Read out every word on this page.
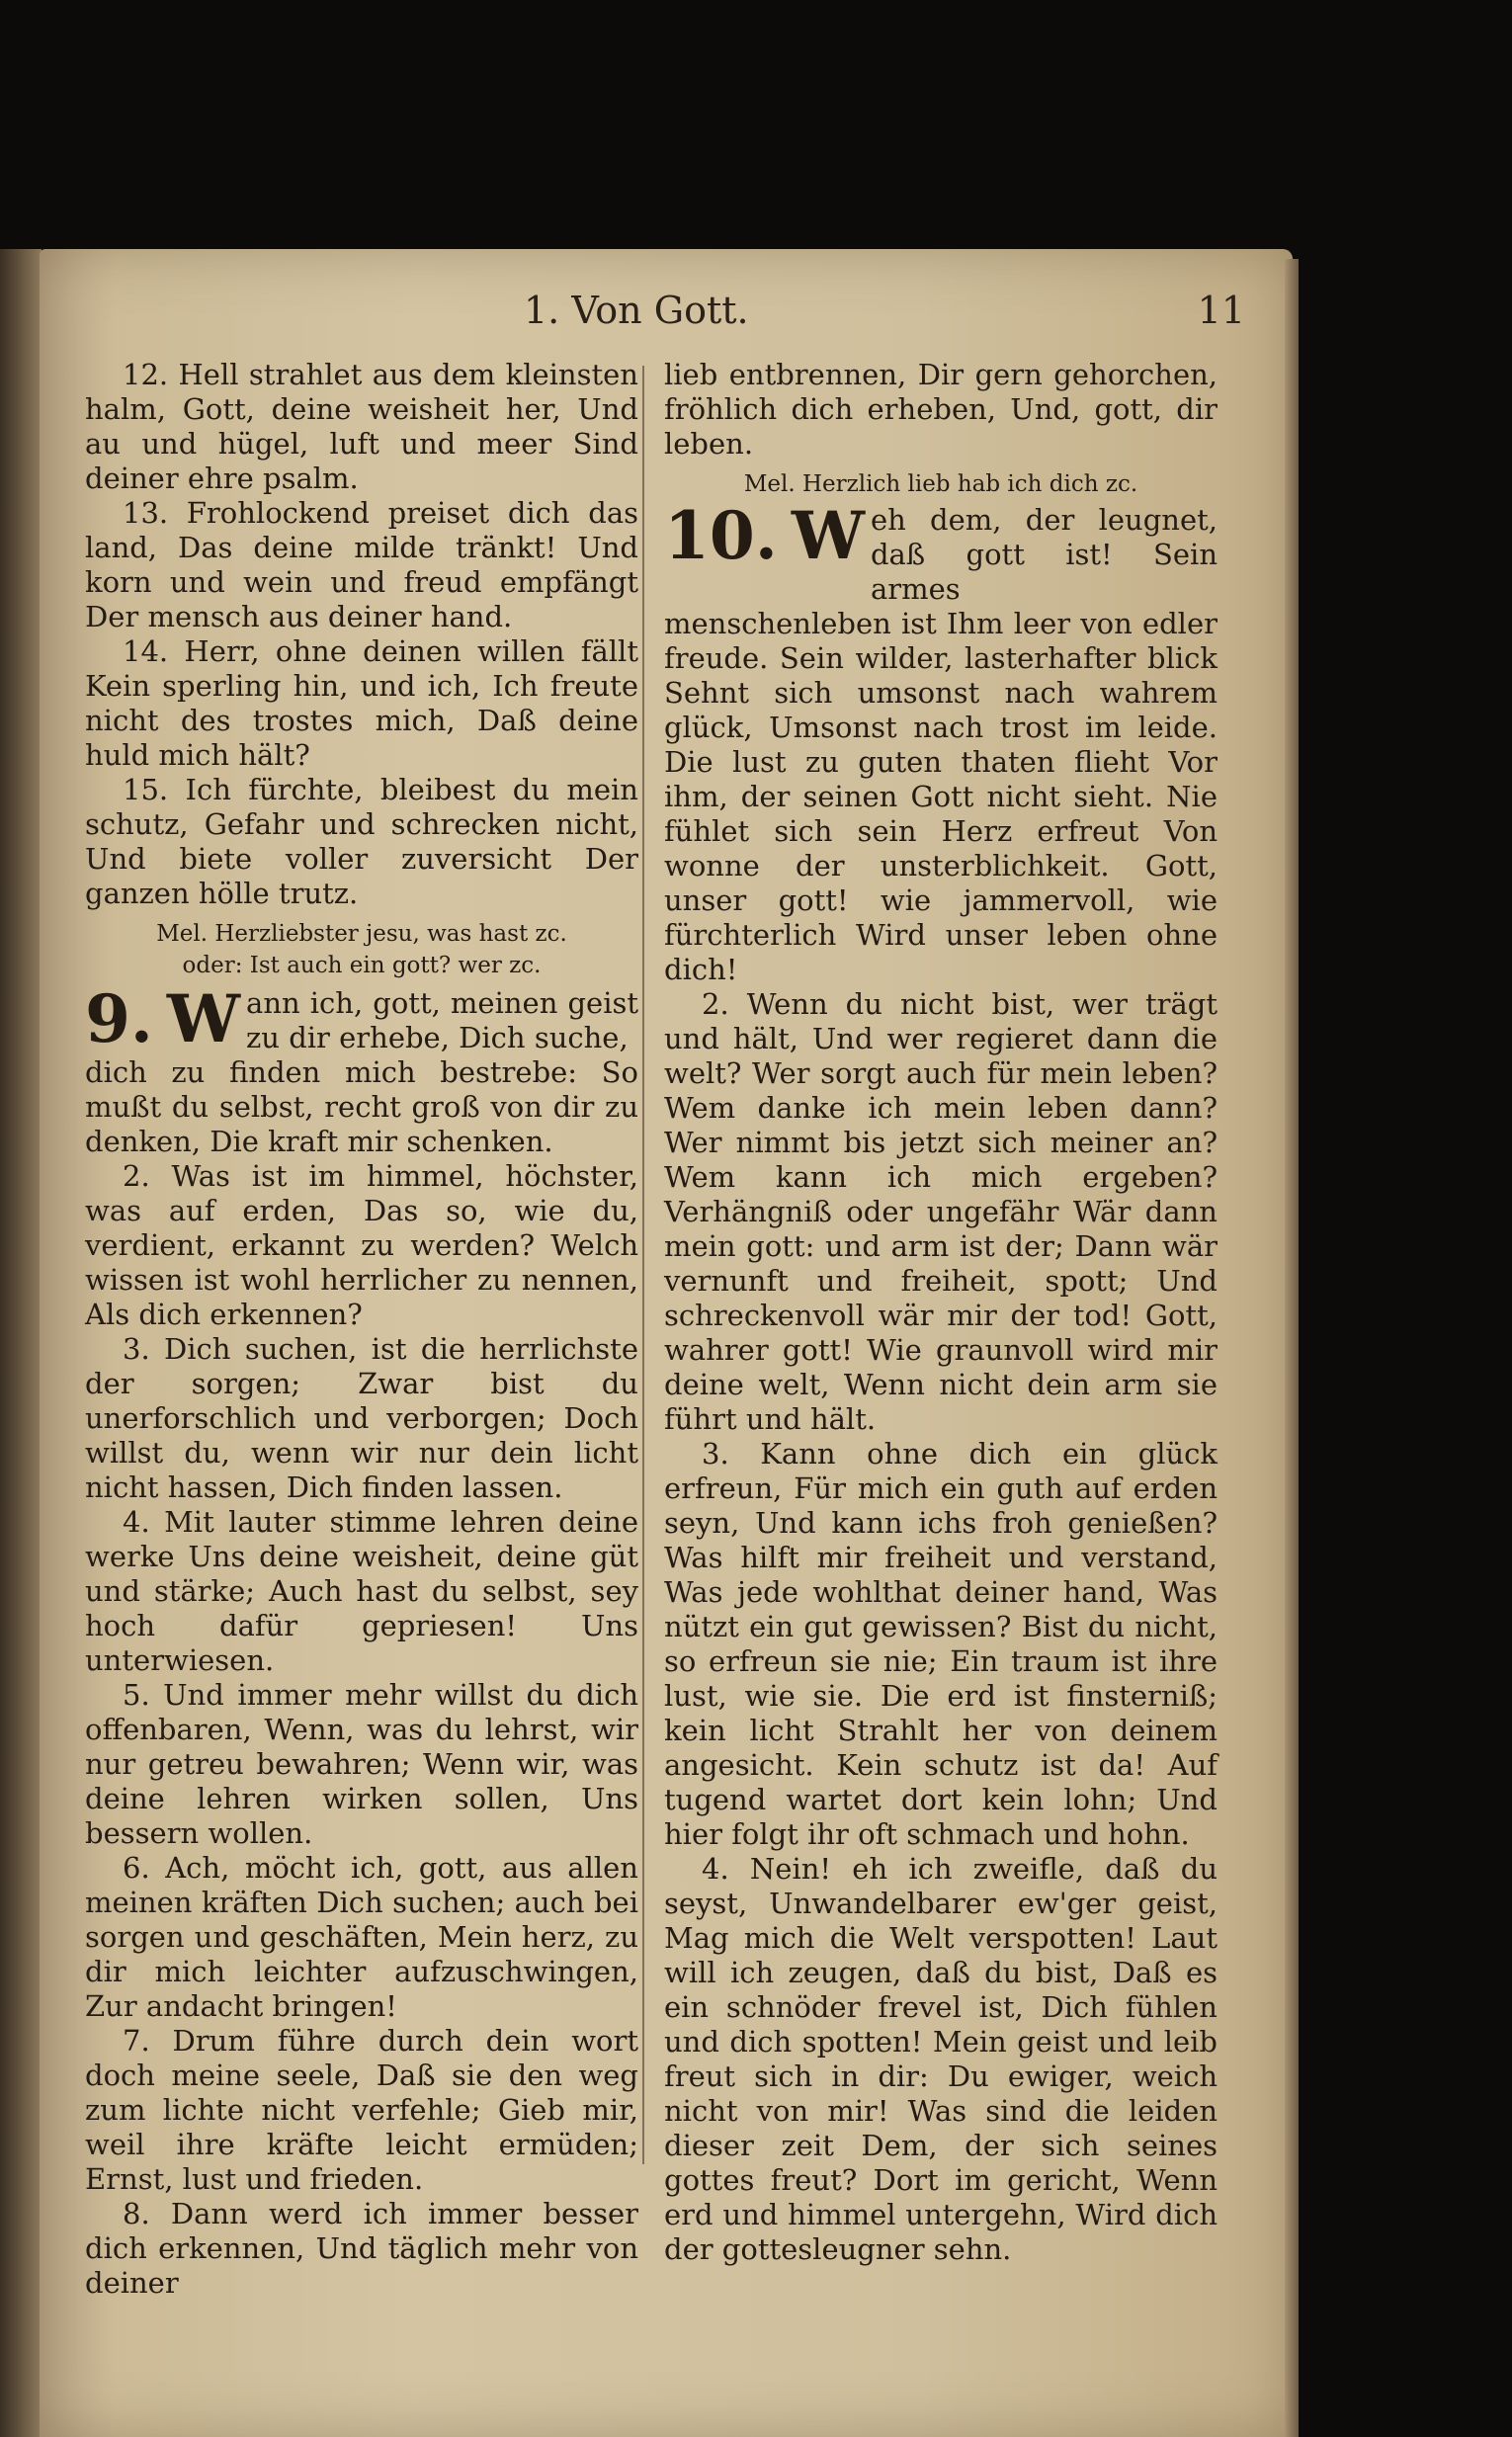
1. Von Gott.	11

12. Hell strahlet aus dem kleinsten halm, Gott, deine weisheit her, Und au und hügel, luft und meer Sind deiner ehre psalm.

13. Frohlockend preiset dich das land, Das deine milde tränkt! Und korn und wein und freud empfängt Der mensch aus deiner hand.

14. Herr, ohne deinen willen fällt Kein sperling hin, und ich, Ich freute nicht des trostes mich, Daß deine huld mich hält?

15. Ich fürchte, bleibest du mein schutz, Gefahr und schrecken nicht, Und biete voller zuversicht Der ganzen hölle trutz.

Mel. Herzliebster jesu, was hast zc.
oder: Ist auch ein gott? wer zc.
9. W ann ich, gott, meinen geist zu dir erhebe, Dich suche,

dich zu finden mich bestrebe: So mußt du selbst, recht groß von dir zu denken, Die kraft mir schenken.

2. Was ist im himmel, höchster, was auf erden, Das so, wie du, verdient, erkannt zu werden? Welch wissen ist wohl herrlicher zu nennen, Als dich erkennen?

3. Dich suchen, ist die herrlichste der sorgen; Zwar bist du unerforschlich und verborgen; Doch willst du, wenn wir nur dein licht nicht hassen, Dich finden lassen.

4. Mit lauter stimme lehren deine werke Uns deine weisheit, deine güt und stärke; Auch hast du selbst, sey hoch dafür gepriesen! Uns unterwiesen.

5. Und immer mehr willst du dich offenbaren, Wenn, was du lehrst, wir nur getreu bewahren; Wenn wir, was deine lehren wirken sollen, Uns bessern wollen.

6. Ach, möcht ich, gott, aus allen meinen kräften Dich suchen; auch bei sorgen und geschäften, Mein herz, zu dir mich leichter aufzuschwingen, Zur andacht bringen!

7. Drum führe durch dein wort doch meine seele, Daß sie den weg zum lichte nicht verfehle; Gieb mir, weil ihre kräfte leicht ermüden; Ernst, lust und frieden.

8. Dann werd ich immer besser dich erkennen, Und täglich mehr von deiner

lieb entbrennen, Dir gern gehorchen, fröhlich dich erheben, Und, gott, dir leben.

Mel. Herzlich lieb hab ich dich zc.
10. W eh dem, der leugnet, daß gott ist! Sein armes

menschenleben ist Ihm leer von edler freude. Sein wilder, lasterhafter blick Sehnt sich umsonst nach wahrem glück, Umsonst nach trost im leide. Die lust zu guten thaten flieht Vor ihm, der seinen Gott nicht sieht. Nie fühlet sich sein Herz erfreut Von wonne der unsterblichkeit. Gott, unser gott! wie jammervoll, wie fürchterlich Wird unser leben ohne dich!

2. Wenn du nicht bist, wer trägt und hält, Und wer regieret dann die welt? Wer sorgt auch für mein leben? Wem danke ich mein leben dann? Wer nimmt bis jetzt sich meiner an? Wem kann ich mich ergeben? Verhängniß oder ungefähr Wär dann mein gott: und arm ist der; Dann wär vernunft und freiheit, spott; Und schreckenvoll wär mir der tod! Gott, wahrer gott! Wie graunvoll wird mir deine welt, Wenn nicht dein arm sie führt und hält.

3. Kann ohne dich ein glück erfreun, Für mich ein guth auf erden seyn, Und kann ichs froh genießen? Was hilft mir freiheit und verstand, Was jede wohlthat deiner hand, Was nützt ein gut gewissen? Bist du nicht, so erfreun sie nie; Ein traum ist ihre lust, wie sie. Die erd ist finsterniß; kein licht Strahlt her von deinem angesicht. Kein schutz ist da! Auf tugend wartet dort kein lohn; Und hier folgt ihr oft schmach und hohn.

4. Nein! eh ich zweifle, daß du seyst, Unwandelbarer ew'ger geist, Mag mich die Welt verspotten! Laut will ich zeugen, daß du bist, Daß es ein schnöder frevel ist, Dich fühlen und dich spotten! Mein geist und leib freut sich in dir: Du ewiger, weich nicht von mir! Was sind die leiden dieser zeit Dem, der sich seines gottes freut? Dort im gericht, Wenn erd und himmel untergehn, Wird dich der gottesleugner sehn.
